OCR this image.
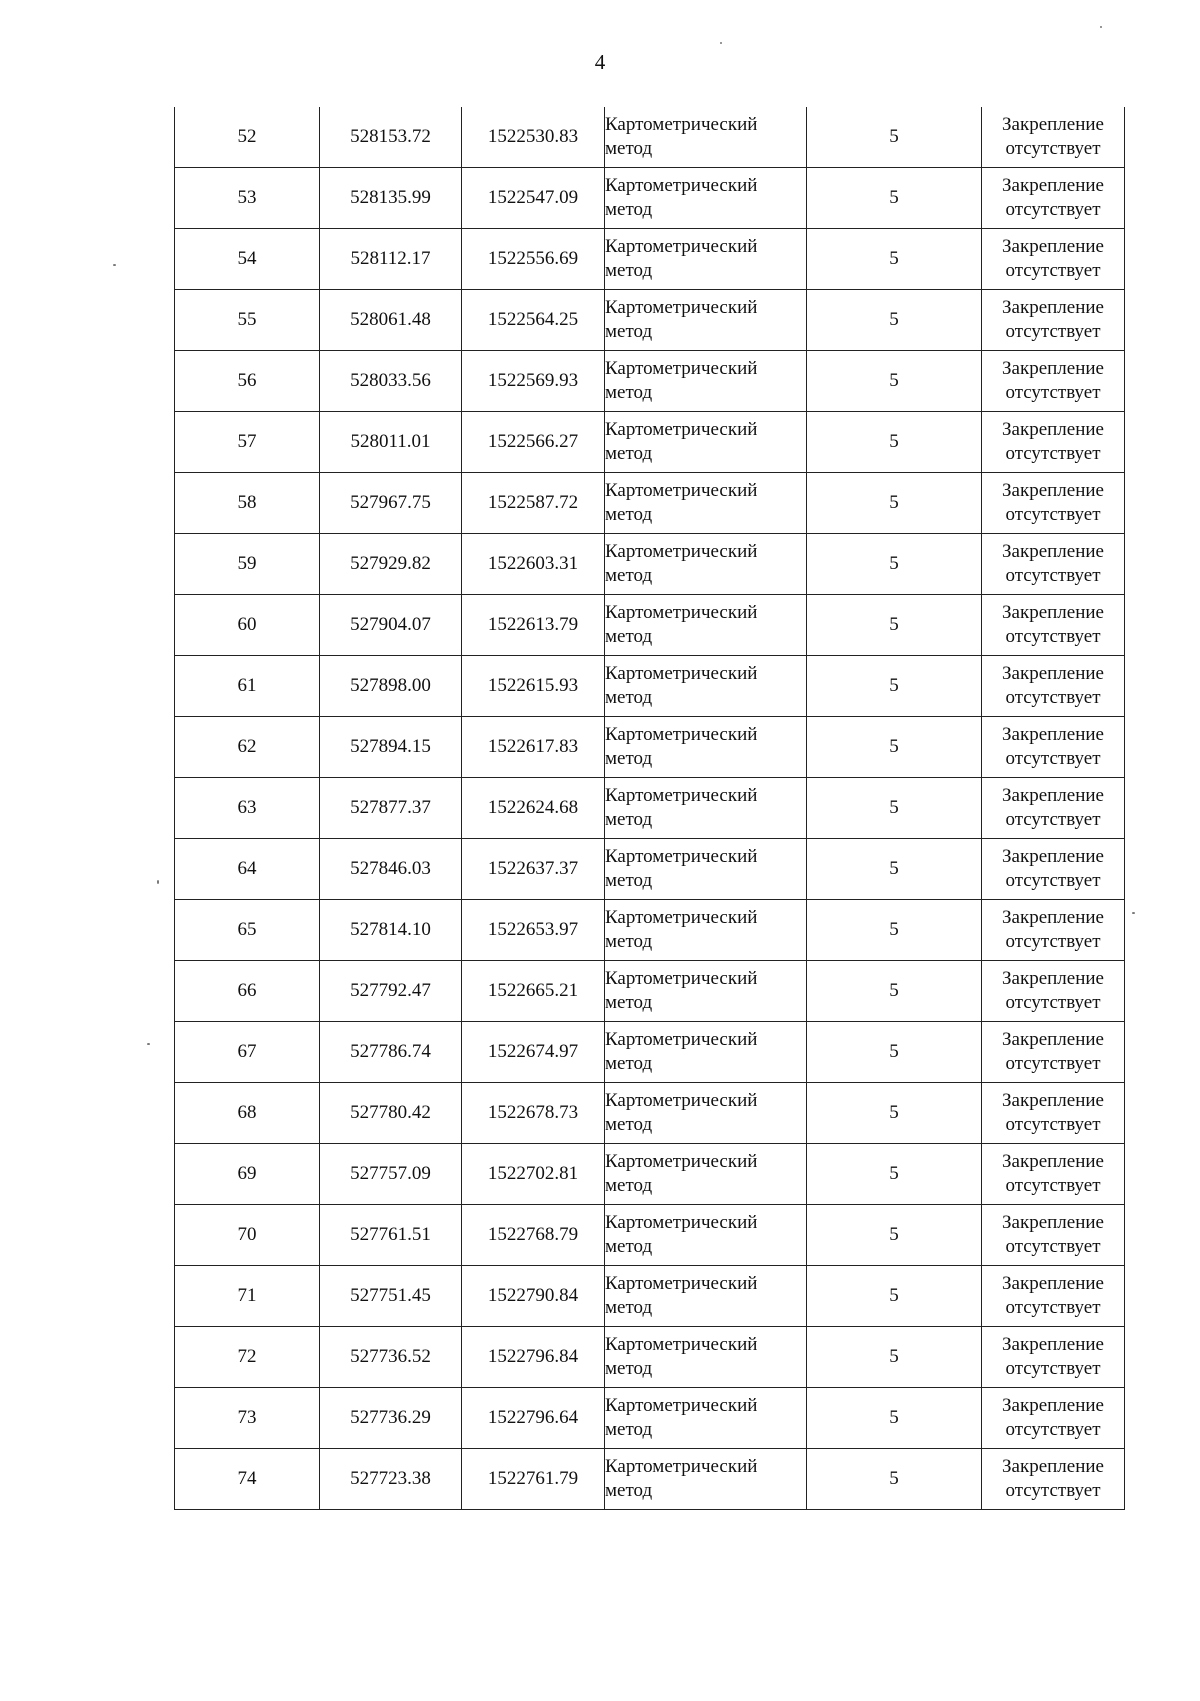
4
52	528153.72	1522530.83	Картометрический
метод	5	Закрепление
отсутствует

53	528135.99	1522547.09	Картометрический
метод	5	Закрепление
отсутствует

54	528112.17	1522556.69	Картометрический
метод	5	Закрепление
отсутствует

55	528061.48	1522564.25	Картометрический
метод	5	Закрепление
отсутствует

56	528033.56	1522569.93	Картометрический
метод	5	Закрепление
отсутствует

57	528011.01	1522566.27	Картометрический
метод	5	Закрепление
отсутствует

58	527967.75	1522587.72	Картометрический
метод	5	Закрепление
отсутствует

59	527929.82	1522603.31	Картометрический
метод	5	Закрепление
отсутствует

60	527904.07	1522613.79	Картометрический
метод	5	Закрепление
отсутствует

61	527898.00	1522615.93	Картометрический
метод	5	Закрепление
отсутствует

62	527894.15	1522617.83	Картометрический
метод	5	Закрепление
отсутствует

63	527877.37	1522624.68	Картометрический
метод	5	Закрепление
отсутствует

64	527846.03	1522637.37	Картометрический
метод	5	Закрепление
отсутствует

65	527814.10	1522653.97	Картометрический
метод	5	Закрепление
отсутствует

66	527792.47	1522665.21	Картометрический
метод	5	Закрепление
отсутствует

67	527786.74	1522674.97	Картометрический
метод	5	Закрепление
отсутствует

68	527780.42	1522678.73	Картометрический
метод	5	Закрепление
отсутствует

69	527757.09	1522702.81	Картометрический
метод	5	Закрепление
отсутствует

70	527761.51	1522768.79	Картометрический
метод	5	Закрепление
отсутствует

71	527751.45	1522790.84	Картометрический
метод	5	Закрепление
отсутствует

72	527736.52	1522796.84	Картометрический
метод	5	Закрепление
отсутствует

73	527736.29	1522796.64	Картометрический
метод	5	Закрепление
отсутствует

74	527723.38	1522761.79	Картометрический
метод	5	Закрепление
отсутствует
